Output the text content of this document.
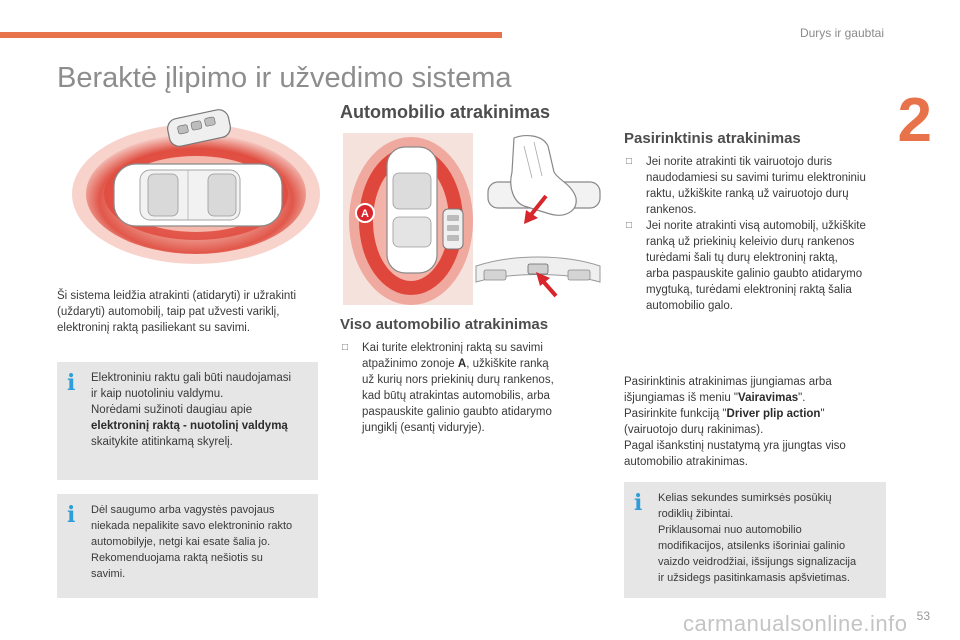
Durys ir gaubtai
2
Beraktė įlipimo ir užvedimo sistema
Ši sistema leidžia atrakinti (atidaryti) ir užrakinti
(uždaryti) automobilį, taip pat užvesti variklį,
elektroninį raktą pasiliekant su savimi.
i	Elektroniniu raktu gali būti naudojamasi
ir kaip nuotoliniu valdymu.
Norėdami sužinoti daugiau apie
elektroninį raktą - nuotolinį valdymą
skaitykite atitinkamą skyrelį.
i	Dėl saugumo arba vagystės pavojaus
niekada nepalikite savo elektroninio rakto
automobilyje, netgi kai esate šalia jo.
Rekomenduojama raktą nešiotis su
savimi.
Automobilio atrakinimas
A
Viso automobilio atrakinimas
□ Kai turite elektroninį raktą su savimi
atpažinimo zonoje A, užkiškite ranką
už kurių nors priekinių durų rankenos,
kad būtų atrakintas automobilis, arba
paspauskite galinio gaubto atidarymo
jungiklį (esantį viduryje).
Pasirinktinis atrakinimas
□ Jei norite atrakinti tik vairuotojo duris
naudodamiesi su savimi turimu elektroniniu
raktu, užkiškite ranką už vairuotojo durų
rankenos.
□ Jei norite atrakinti visą automobilį, užkiškite
ranką už priekinių keleivio durų rankenos
turėdami šali tų durų elektroninį raktą,
arba paspauskite galinio gaubto atidarymo
mygtuką, turėdami elektroninį raktą šalia
automobilio galo.
Pasirinktinis atrakinimas įjungiamas arba
išjungiamas iš meniu "Vairavimas".
Pasirinkite funkciją "Driver plip action"
(vairuotojo durų rakinimas).
Pagal išankstinį nustatymą yra įjungtas viso
automobilio atrakinimas.
i	Kelias sekundes sumirksės posūkių
rodiklių žibintai.
Priklausomai nuo automobilio
modifikacijos, atsilenks išoriniai galinio
vaizdo veidrodžiai, išsijungs signalizacija
ir užsidegs pasitinkamasis apšvietimas.
carmanualsonline.info 53
